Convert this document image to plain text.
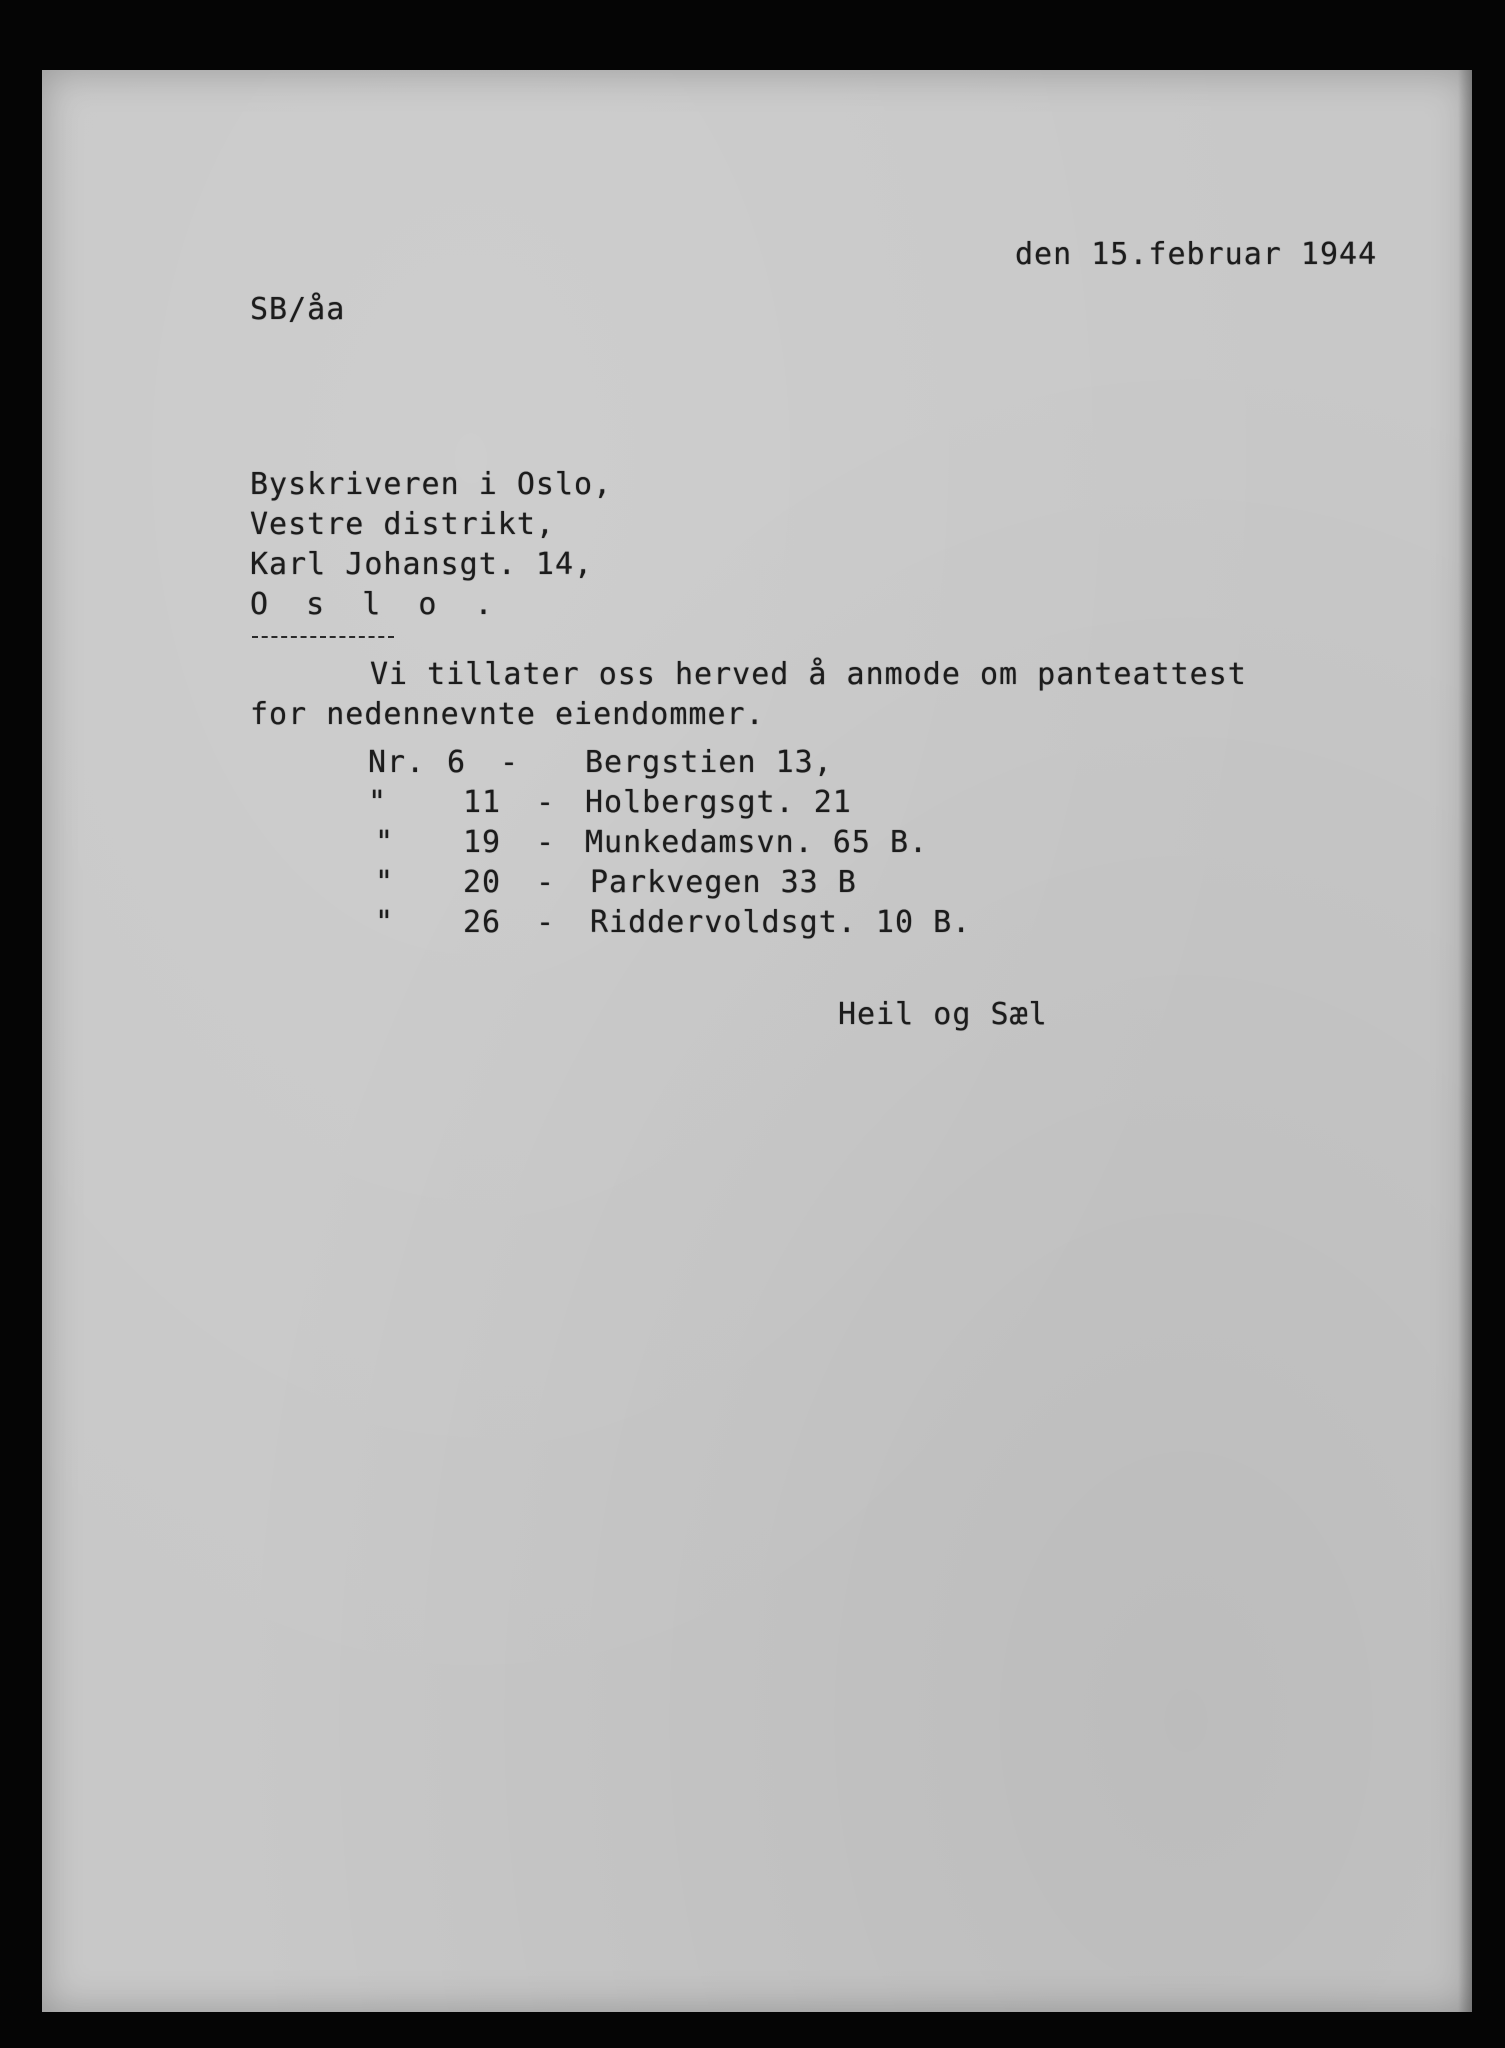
den 15.februar 1944
SB/åa
Byskriveren i Oslo,
Vestre distrikt,
Karl Johansgt. 14,
O s l o .
Vi tillater oss herved å anmode om panteattest
for nedennevnte eiendommer.
Nr. 6 - Bergstien 13,
"	11 - Holbergsgt. 21
" 19 - Munkedamsvn. 65 B.
" 20 - Parkvegen 33 B
" 26 - Riddervoldsgt. 10 B.
Heil og Sæl
